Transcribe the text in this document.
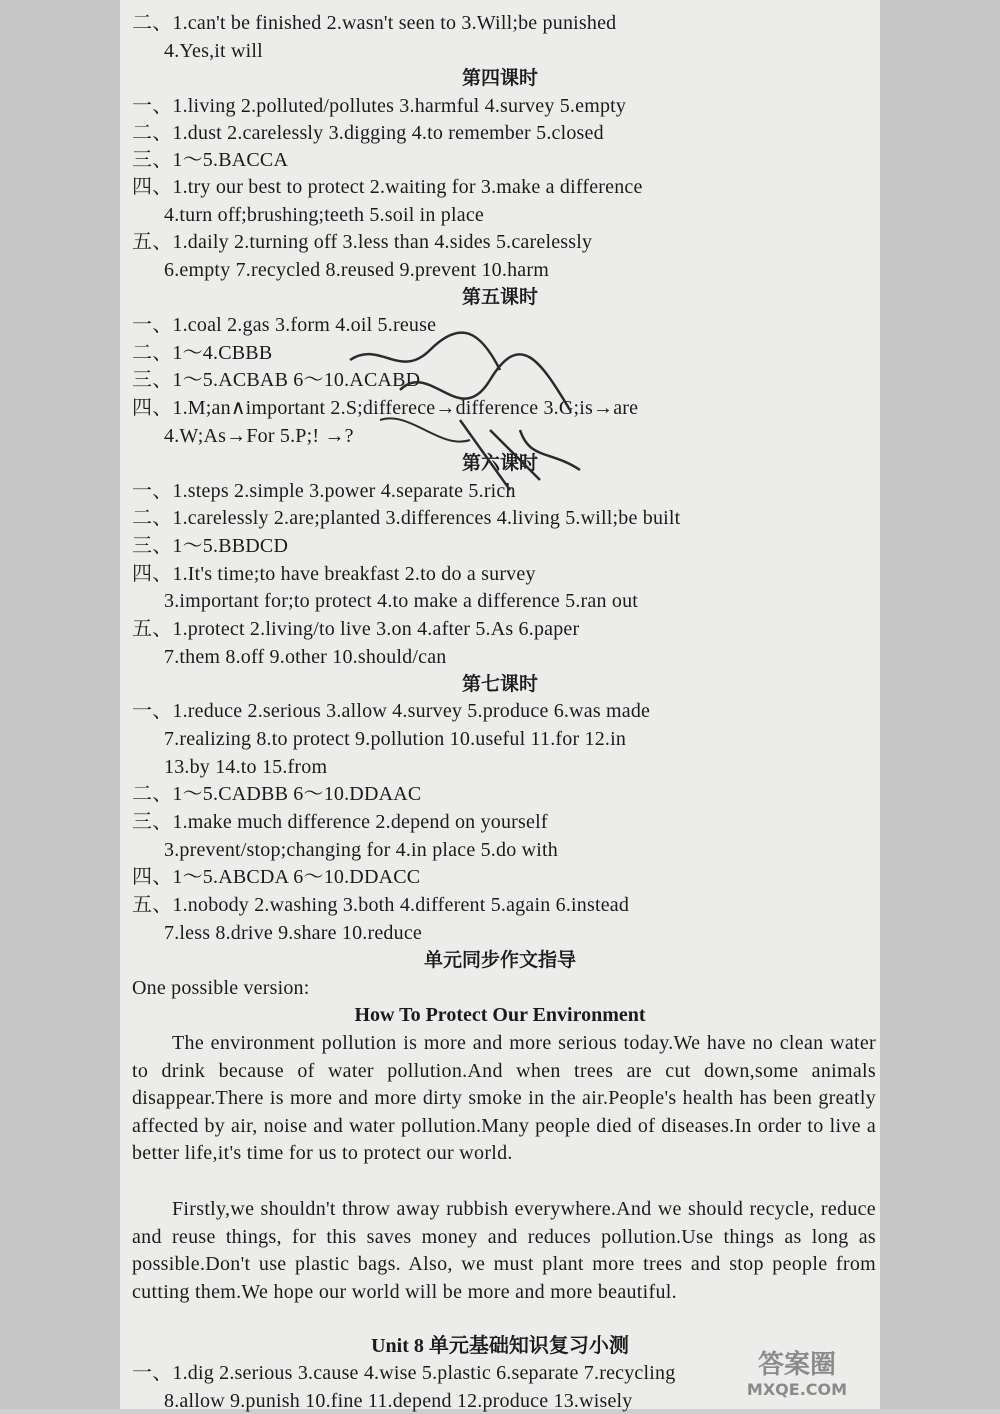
第四课时
第五课时
第六课时
第七课时
单元同步作文指导
二、1.can't be finished 2.wasn't seen to 3.Will;be punished
4.Yes,it will
一、1.living 2.polluted/pollutes 3.harmful 4.survey 5.empty
二、1.dust 2.carelessly 3.digging 4.to remember 5.closed
三、1～5.BACCA
四、1.try our best to protect 2.waiting for 3.make a difference
4.turn off;brushing;teeth 5.soil in place
五、1.daily 2.turning off 3.less than 4.sides 5.carelessly
6.empty 7.recycled 8.reused 9.prevent 10.harm
一、1.coal 2.gas 3.form 4.oil 5.reuse
二、1～4.CBBB
三、1～5.ACBAB 6～10.ACABD
四、1.M;an∧important 2.S;differece→difference 3.G;is→are
4.W;As→For 5.P;! →?
一、1.steps 2.simple 3.power 4.separate 5.rich
二、1.carelessly 2.are;planted 3.differences 4.living 5.will;be built
三、1～5.BBDCD
四、1.It's time;to have breakfast 2.to do a survey
3.important for;to protect 4.to make a difference 5.ran out
五、1.protect 2.living/to live 3.on 4.after 5.As 6.paper
7.them 8.off 9.other 10.should/can
一、1.reduce 2.serious 3.allow 4.survey 5.produce 6.was made
7.realizing 8.to protect 9.pollution 10.useful 11.for 12.in
13.by 14.to 15.from
二、1～5.CADBB 6～10.DDAAC
三、1.make much difference 2.depend on yourself
3.prevent/stop;changing for 4.in place 5.do with
四、1～5.ABCDA 6～10.DDACC
五、1.nobody 2.washing 3.both 4.different 5.again 6.instead
7.less 8.drive 9.share 10.reduce
One possible version:
一、1.dig 2.serious 3.cause 4.wise 5.plastic 6.separate 7.recycling
8.allow 9.punish 10.fine 11.depend 12.produce 13.wisely
How To Protect Our Environment
The environment pollution is more and more serious today.We have no clean water to drink because of water pollution.And when trees are cut down,some animals disappear.There is more and more dirty smoke in the air.People's health has been greatly affected by air, noise and water pollution.Many people died of diseases.In order to live a better life,it's time for us to protect our world.
Firstly,we shouldn't throw away rubbish everywhere.And we should recycle, reduce and reuse things, for this saves money and reduces pollution.Use things as long as possible.Don't use plastic bags. Also, we must plant more trees and stop people from cutting them.We hope our world will be more and more beautiful.
Unit 8 单元基础知识复习小测
答案圈
MXQE.COM
